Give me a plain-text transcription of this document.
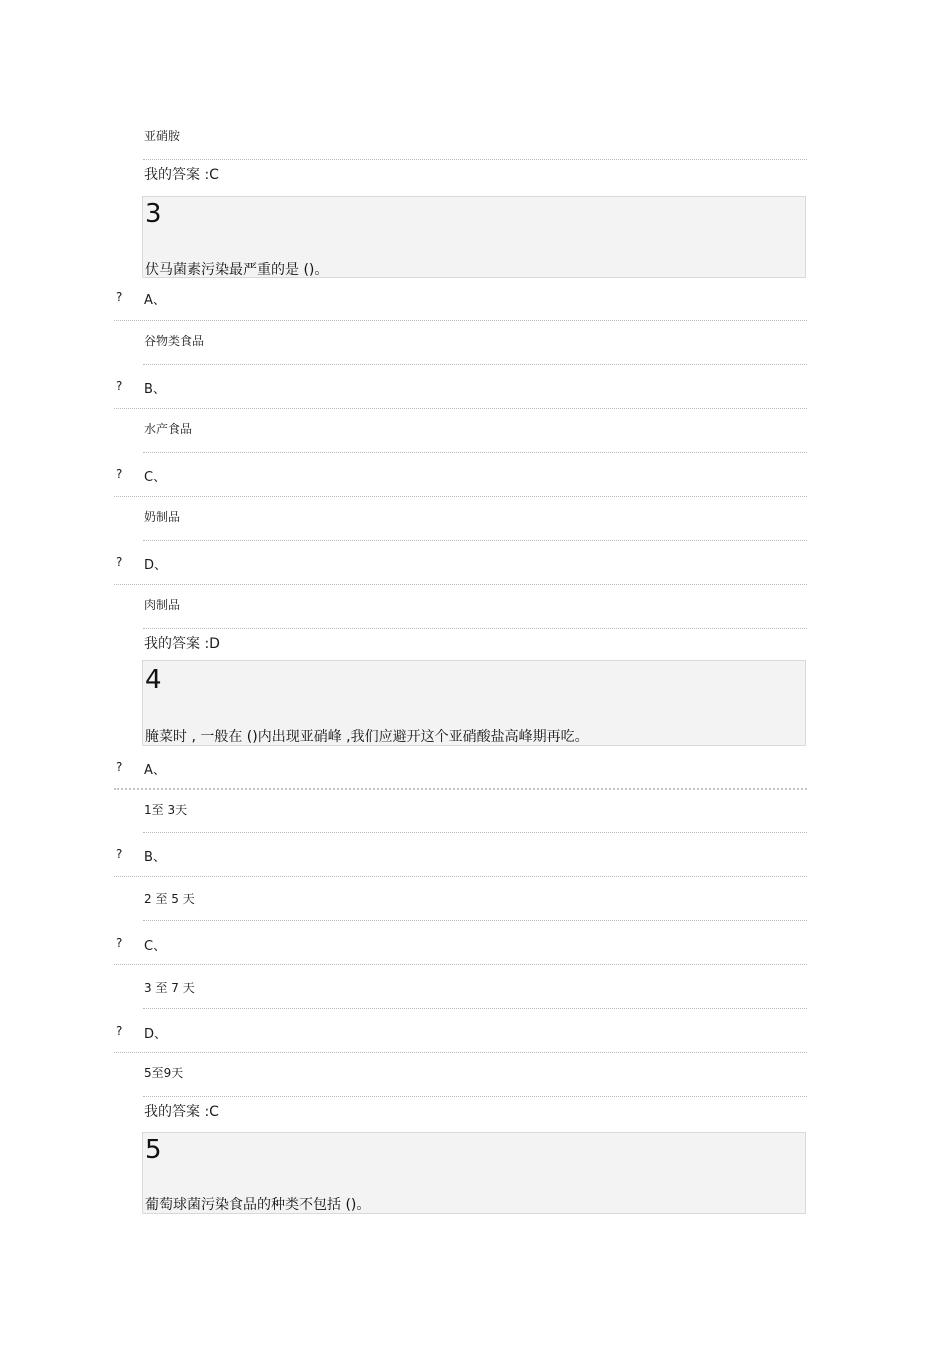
亚硝胺
我的答案 :C
3
伏马菌素污染最严重的是 ()。
? A、
谷物类食品
? B、
水产食品
? C、
奶制品
? D、
肉制品
我的答案 :D
4
腌菜时 , 一般在 ()内出现亚硝峰 ,我们应避开这个亚硝酸盐高峰期再吃。
? A、
1至 3天
? B、
2 至 5 天
? C、
3 至 7 天
? D、
5至9天
我的答案 :C
5
葡萄球菌污染食品的种类不包括 ()。
